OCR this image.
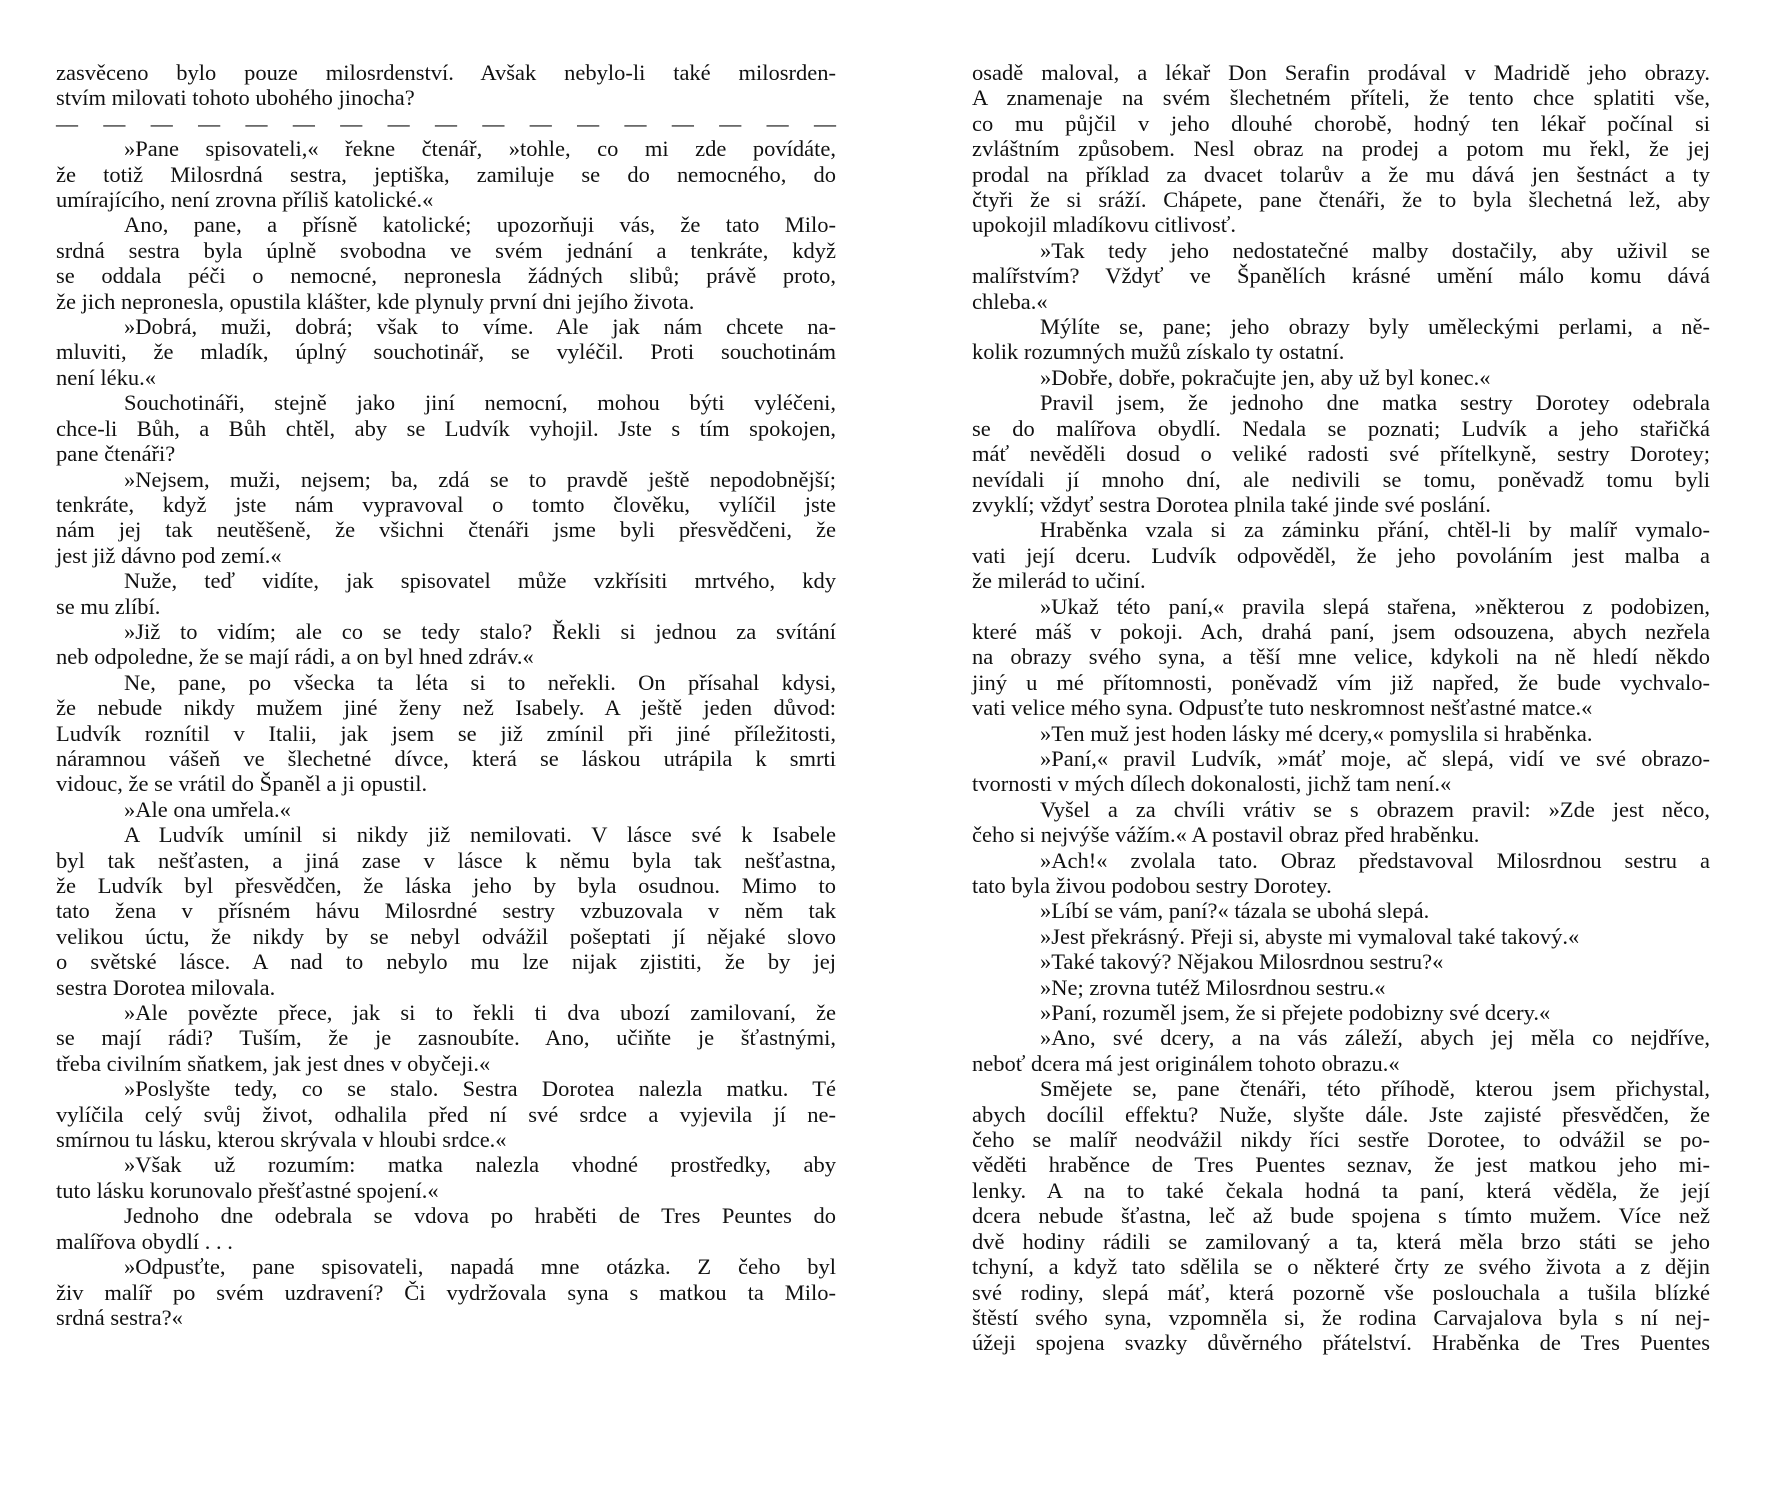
zasvěceno bylo pouze milosrdenství. Avšak nebylo-li také milosrden-
stvím milovati tohoto ubohého jinocha?
— — — — — — — — — — — — — — — — —
»Pane spisovateli,« řekne čtenář, »tohle, co mi zde povídáte,
že totiž Milosrdná sestra, jeptiška, zamiluje se do nemocného, do
umírajícího, není zrovna příliš katolické.«
Ano, pane, a přísně katolické; upozorňuji vás, že tato Milo-
srdná sestra byla úplně svobodna ve svém jednání a tenkráte, když
se oddala péči o nemocné, nepronesla žádných slibů; právě proto,
že jich nepronesla, opustila klášter, kde plynuly první dni jejího života.
»Dobrá, muži, dobrá; však to víme. Ale jak nám chcete na-
mluviti, že mladík, úplný souchotinář, se vyléčil. Proti souchotinám
není léku.«
Souchotináři, stejně jako jiní nemocní, mohou býti vyléčeni,
chce-li Bůh, a Bůh chtěl, aby se Ludvík vyhojil. Jste s tím spokojen,
pane čtenáři?
»Nejsem, muži, nejsem; ba, zdá se to pravdě ještě nepodobnější;
tenkráte, když jste nám vypravoval o tomto člověku, vylíčil jste
nám jej tak neutěšeně, že všichni čtenáři jsme byli přesvědčeni, že
jest již dávno pod zemí.«
Nuže, teď vidíte, jak spisovatel může vzkřísiti mrtvého, kdy
se mu zlíbí.
»Již to vidím; ale co se tedy stalo? Řekli si jednou za svítání
neb odpoledne, že se mají rádi, a on byl hned zdráv.«
Ne, pane, po všecka ta léta si to neřekli. On přísahal kdysi,
že nebude nikdy mužem jiné ženy než Isabely. A ještě jeden důvod:
Ludvík roznítil v Italii, jak jsem se již zmínil při jiné příležitosti,
náramnou vášeň ve šlechetné dívce, která se láskou utrápila k smrti
vidouc, že se vrátil do Španěl a ji opustil.
»Ale ona umřela.«
A Ludvík umínil si nikdy již nemilovati. V lásce své k Isabele
byl tak nešťasten, a jiná zase v lásce k němu byla tak nešťastna,
že Ludvík byl přesvědčen, že láska jeho by byla osudnou. Mimo to
tato žena v přísném hávu Milosrdné sestry vzbuzovala v něm tak
velikou úctu, že nikdy by se nebyl odvážil pošeptati jí nějaké slovo
o světské lásce. A nad to nebylo mu lze nijak zjistiti, že by jej
sestra Dorotea milovala.
»Ale povězte přece, jak si to řekli ti dva ubozí zamilovaní, že
se mají rádi? Tuším, že je zasnoubíte. Ano, učiňte je šťastnými,
třeba civilním sňatkem, jak jest dnes v obyčeji.«
»Poslyšte tedy, co se stalo. Sestra Dorotea nalezla matku. Té
vylíčila celý svůj život, odhalila před ní své srdce a vyjevila jí ne-
smírnou tu lásku, kterou skrývala v hloubi srdce.«
»Však už rozumím: matka nalezla vhodné prostředky, aby
tuto lásku korunovalo přešťastné spojení.«
Jednoho dne odebrala se vdova po hraběti de Tres Peuntes do
malířova obydlí . . .
»Odpusťte, pane spisovateli, napadá mne otázka. Z čeho byl
živ malíř po svém uzdravení? Či vydržovala syna s matkou ta Milo-
srdná sestra?«
osadě maloval, a lékař Don Serafin prodával v Madridě jeho obrazy.
A znamenaje na svém šlechetném příteli, že tento chce splatiti vše,
co mu půjčil v jeho dlouhé chorobě, hodný ten lékař počínal si
zvláštním způsobem. Nesl obraz na prodej a potom mu řekl, že jej
prodal na příklad za dvacet tolarův a že mu dává jen šestnáct a ty
čtyři že si sráží. Chápete, pane čtenáři, že to byla šlechetná lež, aby
upokojil mladíkovu citlivosť.
»Tak tedy jeho nedostatečné malby dostačily, aby uživil se
malířstvím? Vždyť ve Španělích krásné umění málo komu dává
chleba.«
Mýlíte se, pane; jeho obrazy byly uměleckými perlami, a ně-
kolik rozumných mužů získalo ty ostatní.
»Dobře, dobře, pokračujte jen, aby už byl konec.«
Pravil jsem, že jednoho dne matka sestry Dorotey odebrala
se do malířova obydlí. Nedala se poznati; Ludvík a jeho stařičká
máť nevěděli dosud o veliké radosti své přítelkyně, sestry Dorotey;
nevídali jí mnoho dní, ale nedivili se tomu, poněvadž tomu byli
zvyklí; vždyť sestra Dorotea plnila také jinde své poslání.
Hraběnka vzala si za záminku přání, chtěl-li by malíř vymalo-
vati její dceru. Ludvík odpověděl, že jeho povoláním jest malba a
že milerád to učiní.
»Ukaž této paní,« pravila slepá stařena, »některou z podobizen,
které máš v pokoji. Ach, drahá paní, jsem odsouzena, abych nezřela
na obrazy svého syna, a těší mne velice, kdykoli na ně hledí někdo
jiný u mé přítomnosti, poněvadž vím již napřed, že bude vychvalo-
vati velice mého syna. Odpusťte tuto neskromnost nešťastné matce.«
»Ten muž jest hoden lásky mé dcery,« pomyslila si hraběnka.
»Paní,« pravil Ludvík, »máť moje, ač slepá, vidí ve své obrazo-
tvornosti v mých dílech dokonalosti, jichž tam není.«
Vyšel a za chvíli vrátiv se s obrazem pravil: »Zde jest něco,
čeho si nejvýše vážím.« A postavil obraz před hraběnku.
»Ach!« zvolala tato. Obraz představoval Milosrdnou sestru a
tato byla živou podobou sestry Dorotey.
»Líbí se vám, paní?« tázala se ubohá slepá.
»Jest překrásný. Přeji si, abyste mi vymaloval také takový.«
»Také takový? Nějakou Milosrdnou sestru?«
»Ne; zrovna tutéž Milosrdnou sestru.«
»Paní, rozuměl jsem, že si přejete podobizny své dcery.«
»Ano, své dcery, a na vás záleží, abych jej měla co nejdříve,
neboť dcera má jest originálem tohoto obrazu.«
Smějete se, pane čtenáři, této příhodě, kterou jsem přichystal,
abych docílil effektu? Nuže, slyšte dále. Jste zajisté přesvědčen, že
čeho se malíř neodvážil nikdy říci sestře Dorotee, to odvážil se po-
věděti hraběnce de Tres Puentes seznav, že jest matkou jeho mi-
lenky. A na to také čekala hodná ta paní, která věděla, že její
dcera nebude šťastna, leč až bude spojena s tímto mužem. Více než
dvě hodiny rádili se zamilovaný a ta, která měla brzo státi se jeho
tchyní, a když tato sdělila se o některé črty ze svého života a z dějin
své rodiny, slepá máť, která pozorně vše poslouchala a tušila blízké
štěstí svého syna, vzpomněla si, že rodina Carvajalova byla s ní nej-
úžeji spojena svazky důvěrného přátelství. Hraběnka de Tres Puentes
